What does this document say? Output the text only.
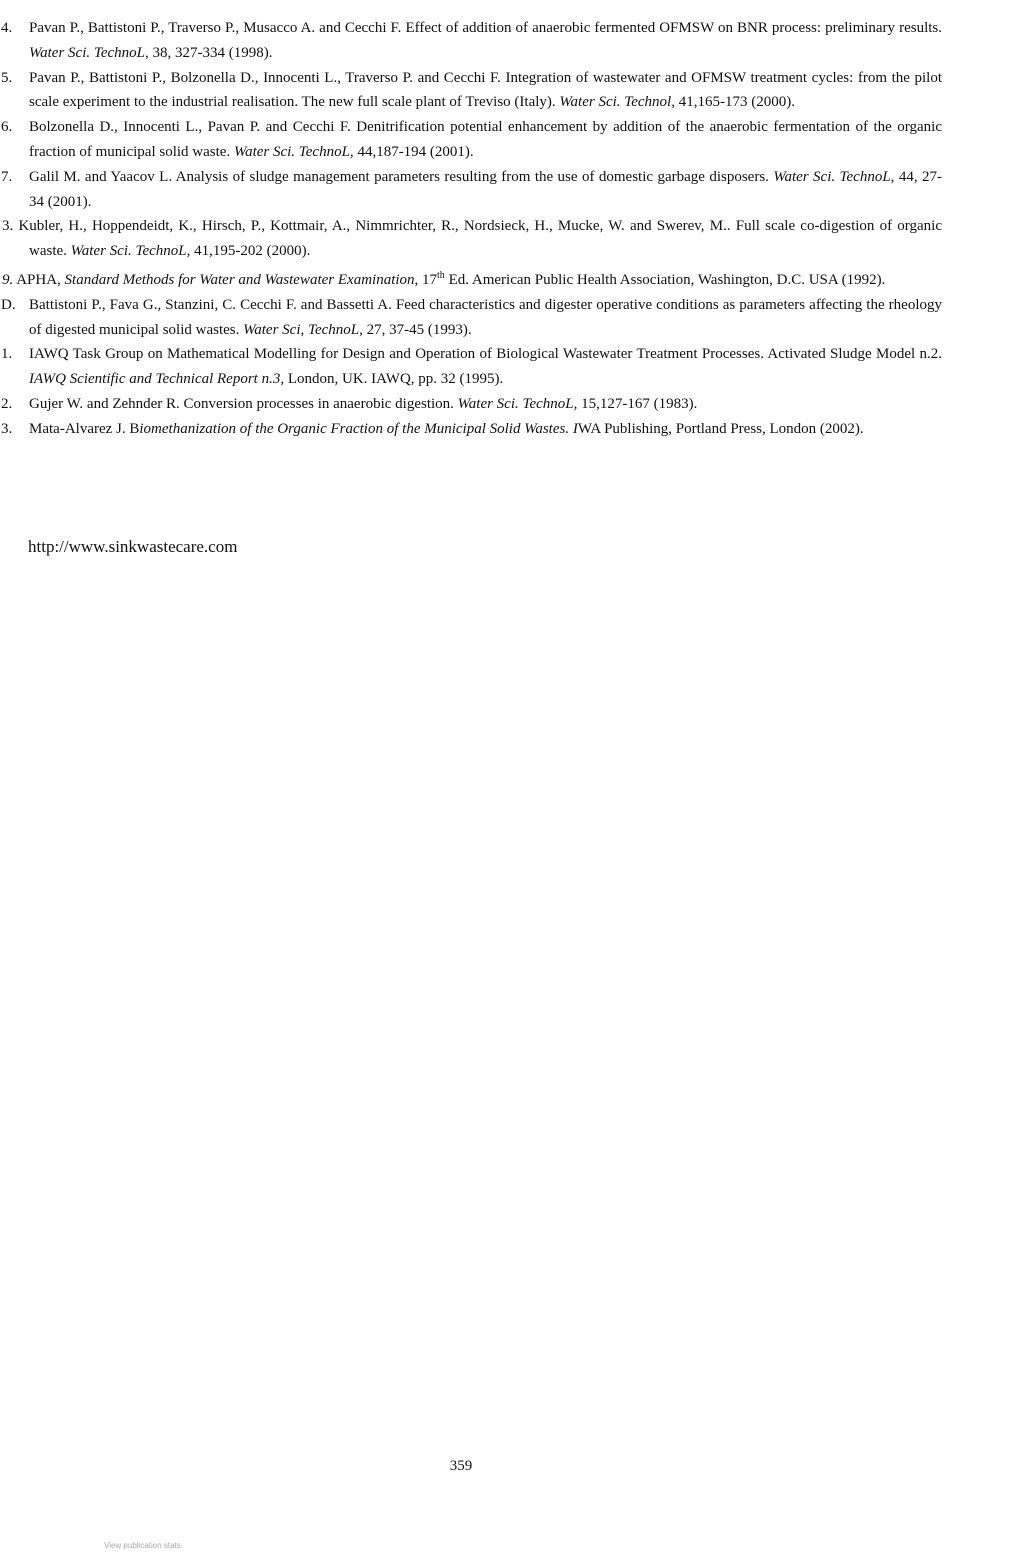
4. Pavan P., Battistoni P., Traverso P., Musacco A. and Cecchi F. Effect of addition of anaerobic fermented OFMSW on BNR process: preliminary results. Water Sci. TechnoL, 38, 327-334 (1998).
5. Pavan P., Battistoni P., Bolzonella D., Innocenti L., Traverso P. and Cecchi F. Integration of wastewater and OFMSW treatment cycles: from the pilot scale experiment to the industrial realisation. The new full scale plant of Treviso (Italy). Water Sci. Technol, 41,165-173 (2000).
6. Bolzonella D., Innocenti L., Pavan P. and Cecchi F. Denitrification potential enhancement by addition of the anaerobic fermentation of the organic fraction of municipal solid waste. Water Sci. TechnoL, 44,187-194 (2001).
7. Galil M. and Yaacov L. Analysis of sludge management parameters resulting from the use of domestic garbage disposers. Water Sci. TechnoL, 44, 27-34 (2001).
3. Kubler, H., Hoppendeidt, K., Hirsch, P., Kottmair, A., Nimmrichter, R., Nordsieck, H., Mucke, W. and Swerev, M.. Full scale co-digestion of organic waste. Water Sci. TechnoL, 41,195-202 (2000).
9. APHA, Standard Methods for Water and Wastewater Examination, 17th Ed. American Public Health Association, Washington, D.C. USA (1992).
D. Battistoni P., Fava G., Stanzini, C. Cecchi F. and Bassetti A. Feed characteristics and digester operative conditions as parameters affecting the rheology of digested municipal solid wastes. Water Sci, TechnoL, 27, 37-45 (1993).
1. IAWQ Task Group on Mathematical Modelling for Design and Operation of Biological Wastewater Treatment Processes. Activated Sludge Model n.2. IAWQ Scientific and Technical Report n.3, London, UK. IAWQ, pp. 32 (1995).
2. Gujer W. and Zehnder R. Conversion processes in anaerobic digestion. Water Sci. TechnoL, 15,127-167 (1983).
3. Mata-Alvarez J. Biomethanization of the Organic Fraction of the Municipal Solid Wastes. IWA Publishing, Portland Press, London (2002).
http://www.sinkwastecare.com
359
View publication stats
